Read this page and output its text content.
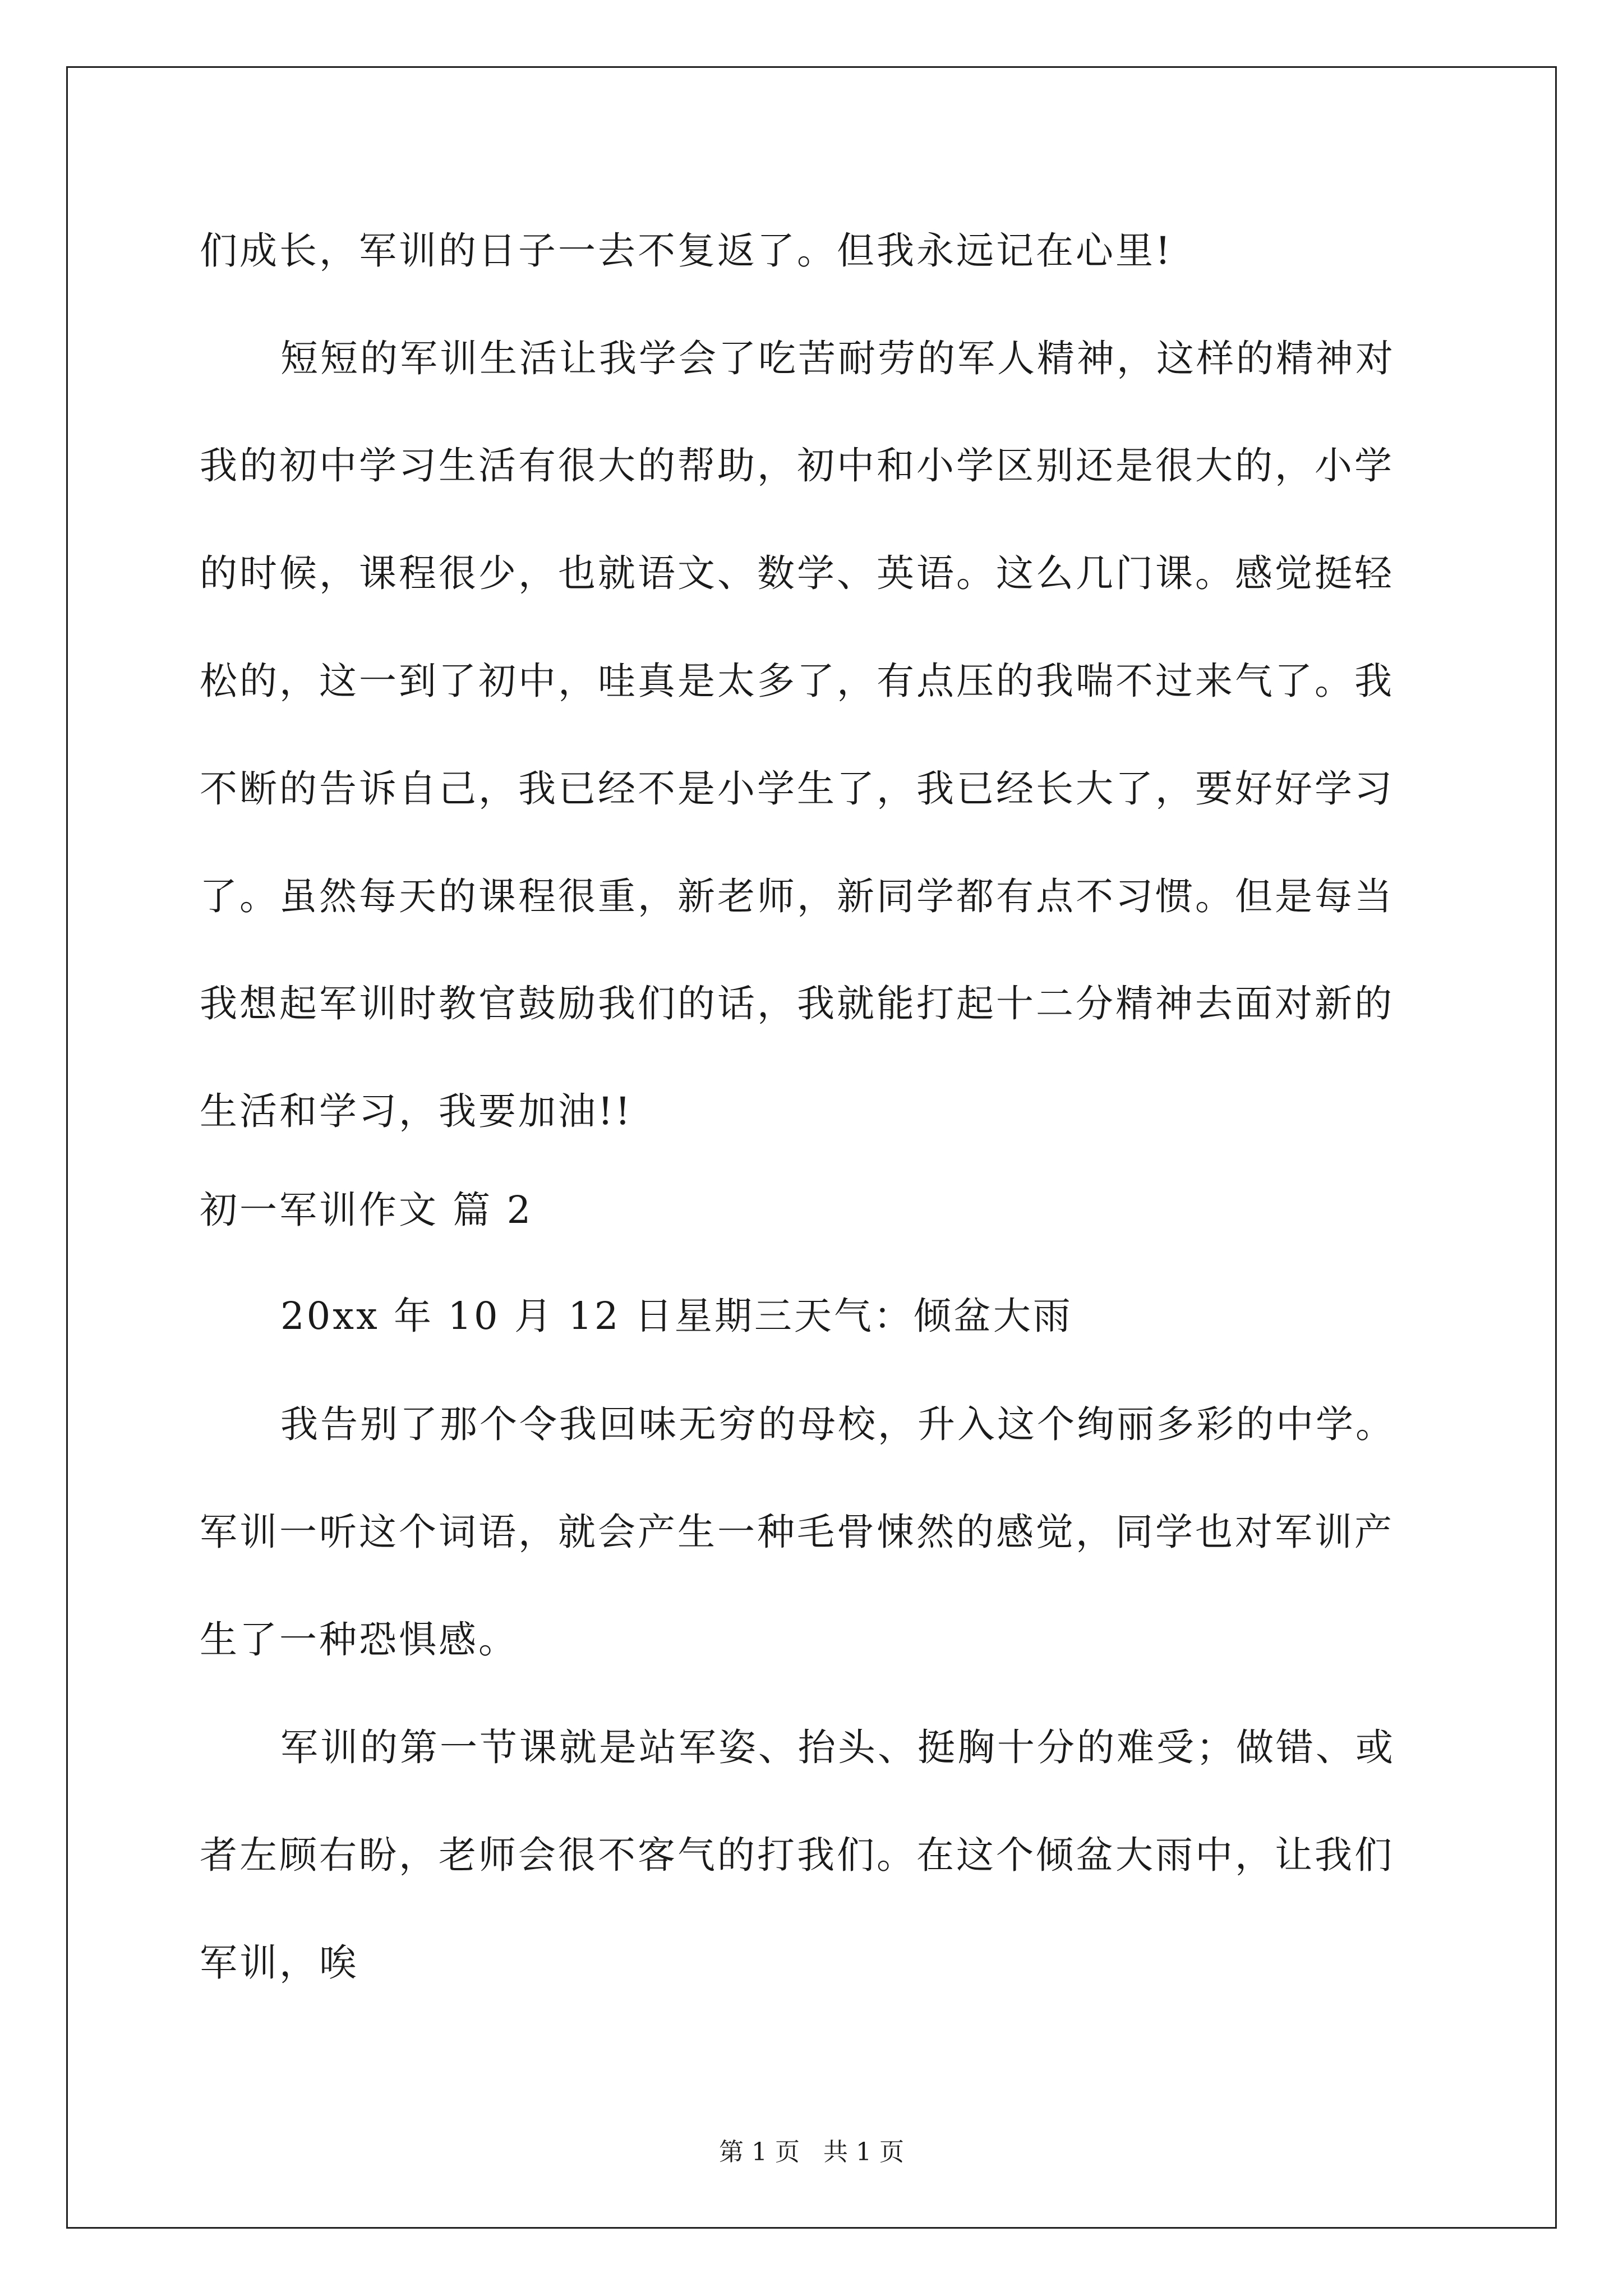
们成长，军训的日子一去不复返了。但我永远记在心里!
短短的军训生活让我学会了吃苦耐劳的军人精神，这样的精神对
我的初中学习生活有很大的帮助，初中和小学区别还是很大的，小学
的时候，课程很少，也就语文、数学、英语。这么几门课。感觉挺轻
松的，这一到了初中，哇真是太多了，有点压的我喘不过来气了。我
不断的告诉自己，我已经不是小学生了，我已经长大了，要好好学习
了。虽然每天的课程很重，新老师，新同学都有点不习惯。但是每当
我想起军训时教官鼓励我们的话，我就能打起十二分精神去面对新的
生活和学习，我要加油!!
初一军训作文 篇 2
20xx 年 10 月 12 日星期三天气：倾盆大雨
我告别了那个令我回味无穷的母校，升入这个绚丽多彩的中学。
军训一听这个词语，就会产生一种毛骨悚然的感觉，同学也对军训产
生了一种恐惧感。
军训的第一节课就是站军姿、抬头、挺胸十分的难受；做错、或
者左顾右盼，老师会很不客气的打我们。在这个倾盆大雨中，让我们
军训，唉
第 1 页   共 1 页
